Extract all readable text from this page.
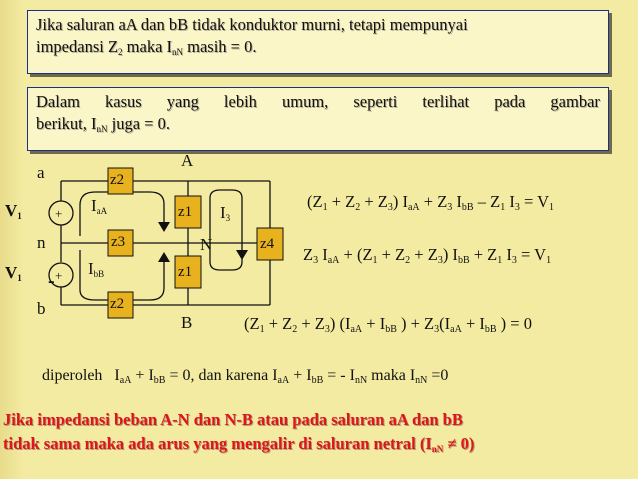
Jika saluran aA dan bB tidak konduktor murni, tetapi mempunyai
impedansi $Z_2$ maka $I_{nN}$ masih = 0.
Dalam kasus yang lebih umum, seperti terlihat pada gambar
berikut, $I_{nN}$ juga = 0.
z2
z3
z2
z1
z1
z4
a
n
b
A
N
B
$V_1$
$V_1$
+
+
-
$I_{aA}$
$I_{bB}$
$I_3$
$(Z_1 + Z_2 + Z_3) I_{aA} + Z_3$ $I_{bB} - Z_1$ $I_3 = V_1$
$Z_3$ $I_{aA} + (Z_1 + Z_2 + Z_3) I_{bB} + Z_1$ $I_3 = V_1$
$(Z_1 + Z_2 + Z_3) (I_{aA} + I_{bB}$ ) + $Z_3(I_{aA} + I_{bB}$ ) = 0
diperoleh   $I_{aA} + I_{bB} = 0$, dan karena $I_{aA} + I_{bB}$ = - $I_{nN}$ maka $I_{nN} =0$
Jika impedansi beban A-N dan N-B atau pada saluran aA dan bB
tidak sama maka ada arus yang mengalir di saluran netral $(I_{nN} \ne 0)$
